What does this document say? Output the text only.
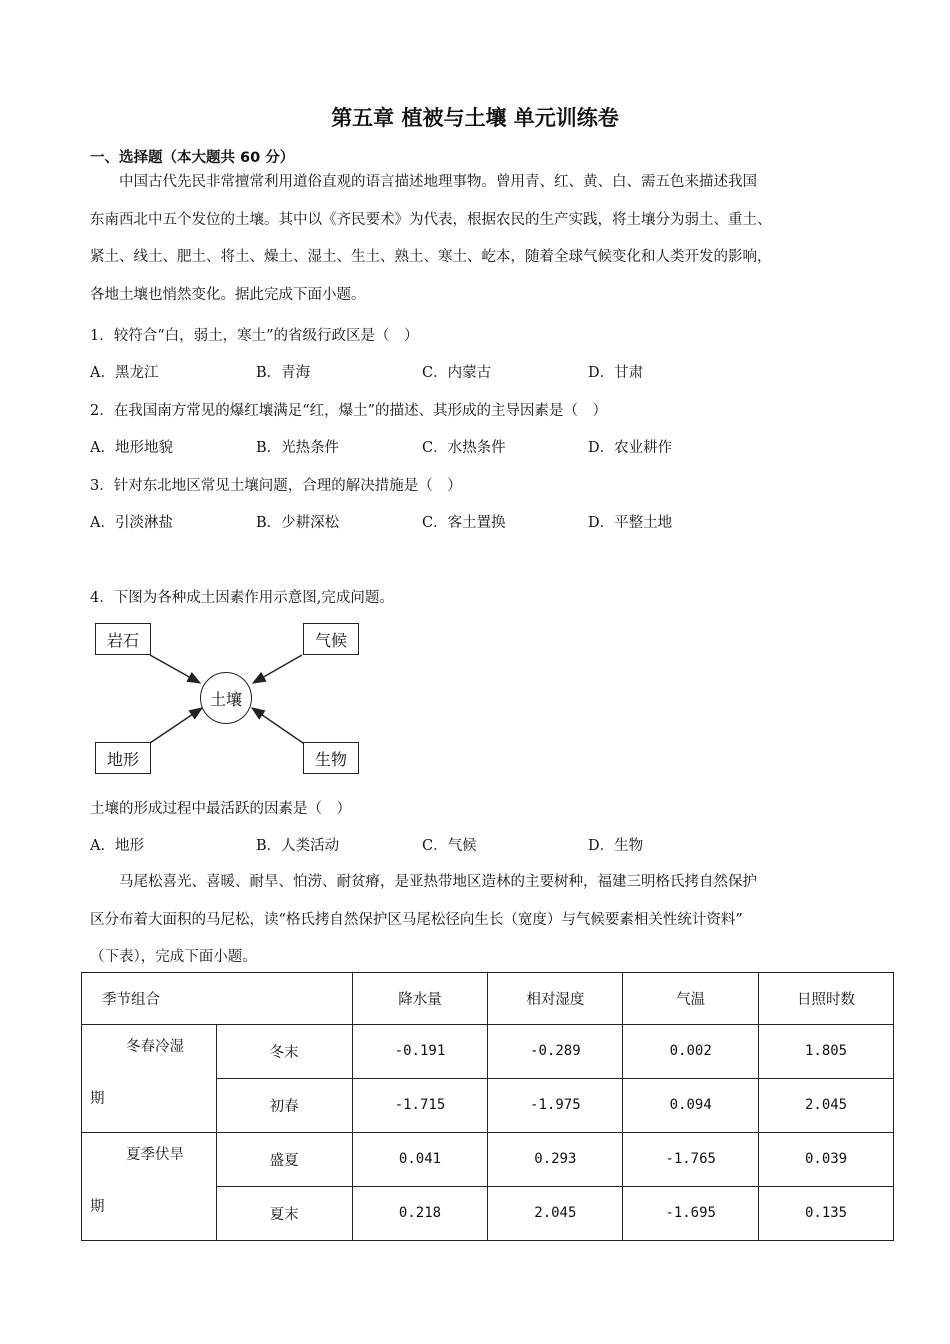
第五章 植被与土壤 单元训练卷
一、选择题（本大题共 60 分）
中国古代先民非常擅常利用道俗直观的语言描述地理事物。曾用青、红、黄、白、需五色来描述我国
东南西北中五个发位的土壤。其中以《齐民要术》为代表，根据农民的生产实践，将土壤分为弱土、重土、
紧土、线土、肥土、将土、燥土、湿土、生土、熟土、寒土、屹本，随着全球气候变化和人类开发的影响，
各地土壤也悄然变化。据此完成下面小题。
1．较符合“白，弱土，寒土”的省级行政区是（　）
A．黑龙江	B．青海	C．内蒙古	D．甘肃
2．在我国南方常见的爆红壤满足“红，爆土”的描述、其形成的主导因素是（　）
A．地形地貌	B．光热条件	C．水热条件	D．农业耕作
3．针对东北地区常见土壤问题，合理的解决措施是（　）
A．引淡淋盐	B．少耕深松	C．客土置换	D．平整土地
4．下图为各种成土因素作用示意图,完成问题。
岩石	气候
土壤
地形	生物
土壤的形成过程中最活跃的因素是（　）
A．地形	B．人类活动	C．气候	D．生物
马尾松喜光、喜暖、耐旱、怕涝、耐贫瘠，是亚热带地区造林的主要树种，福建三明格氏拷自然保护
区分布着大面积的马尼松，读“格氏拷自然保护区马尾松径向生长（宽度）与气候要素相关性统计资料”
（下表），完成下面小题。
季节组合		降水量	相对湿度	气温	日照时数

冬春冷湿
期	冬末	-0.191	-0.289	0.002	1.805
	初春	-1.715	-1.975	0.094	2.045

夏季伏旱
期	盛夏	0.041	0.293	-1.765	0.039
	夏末	0.218	2.045	-1.695	0.135
